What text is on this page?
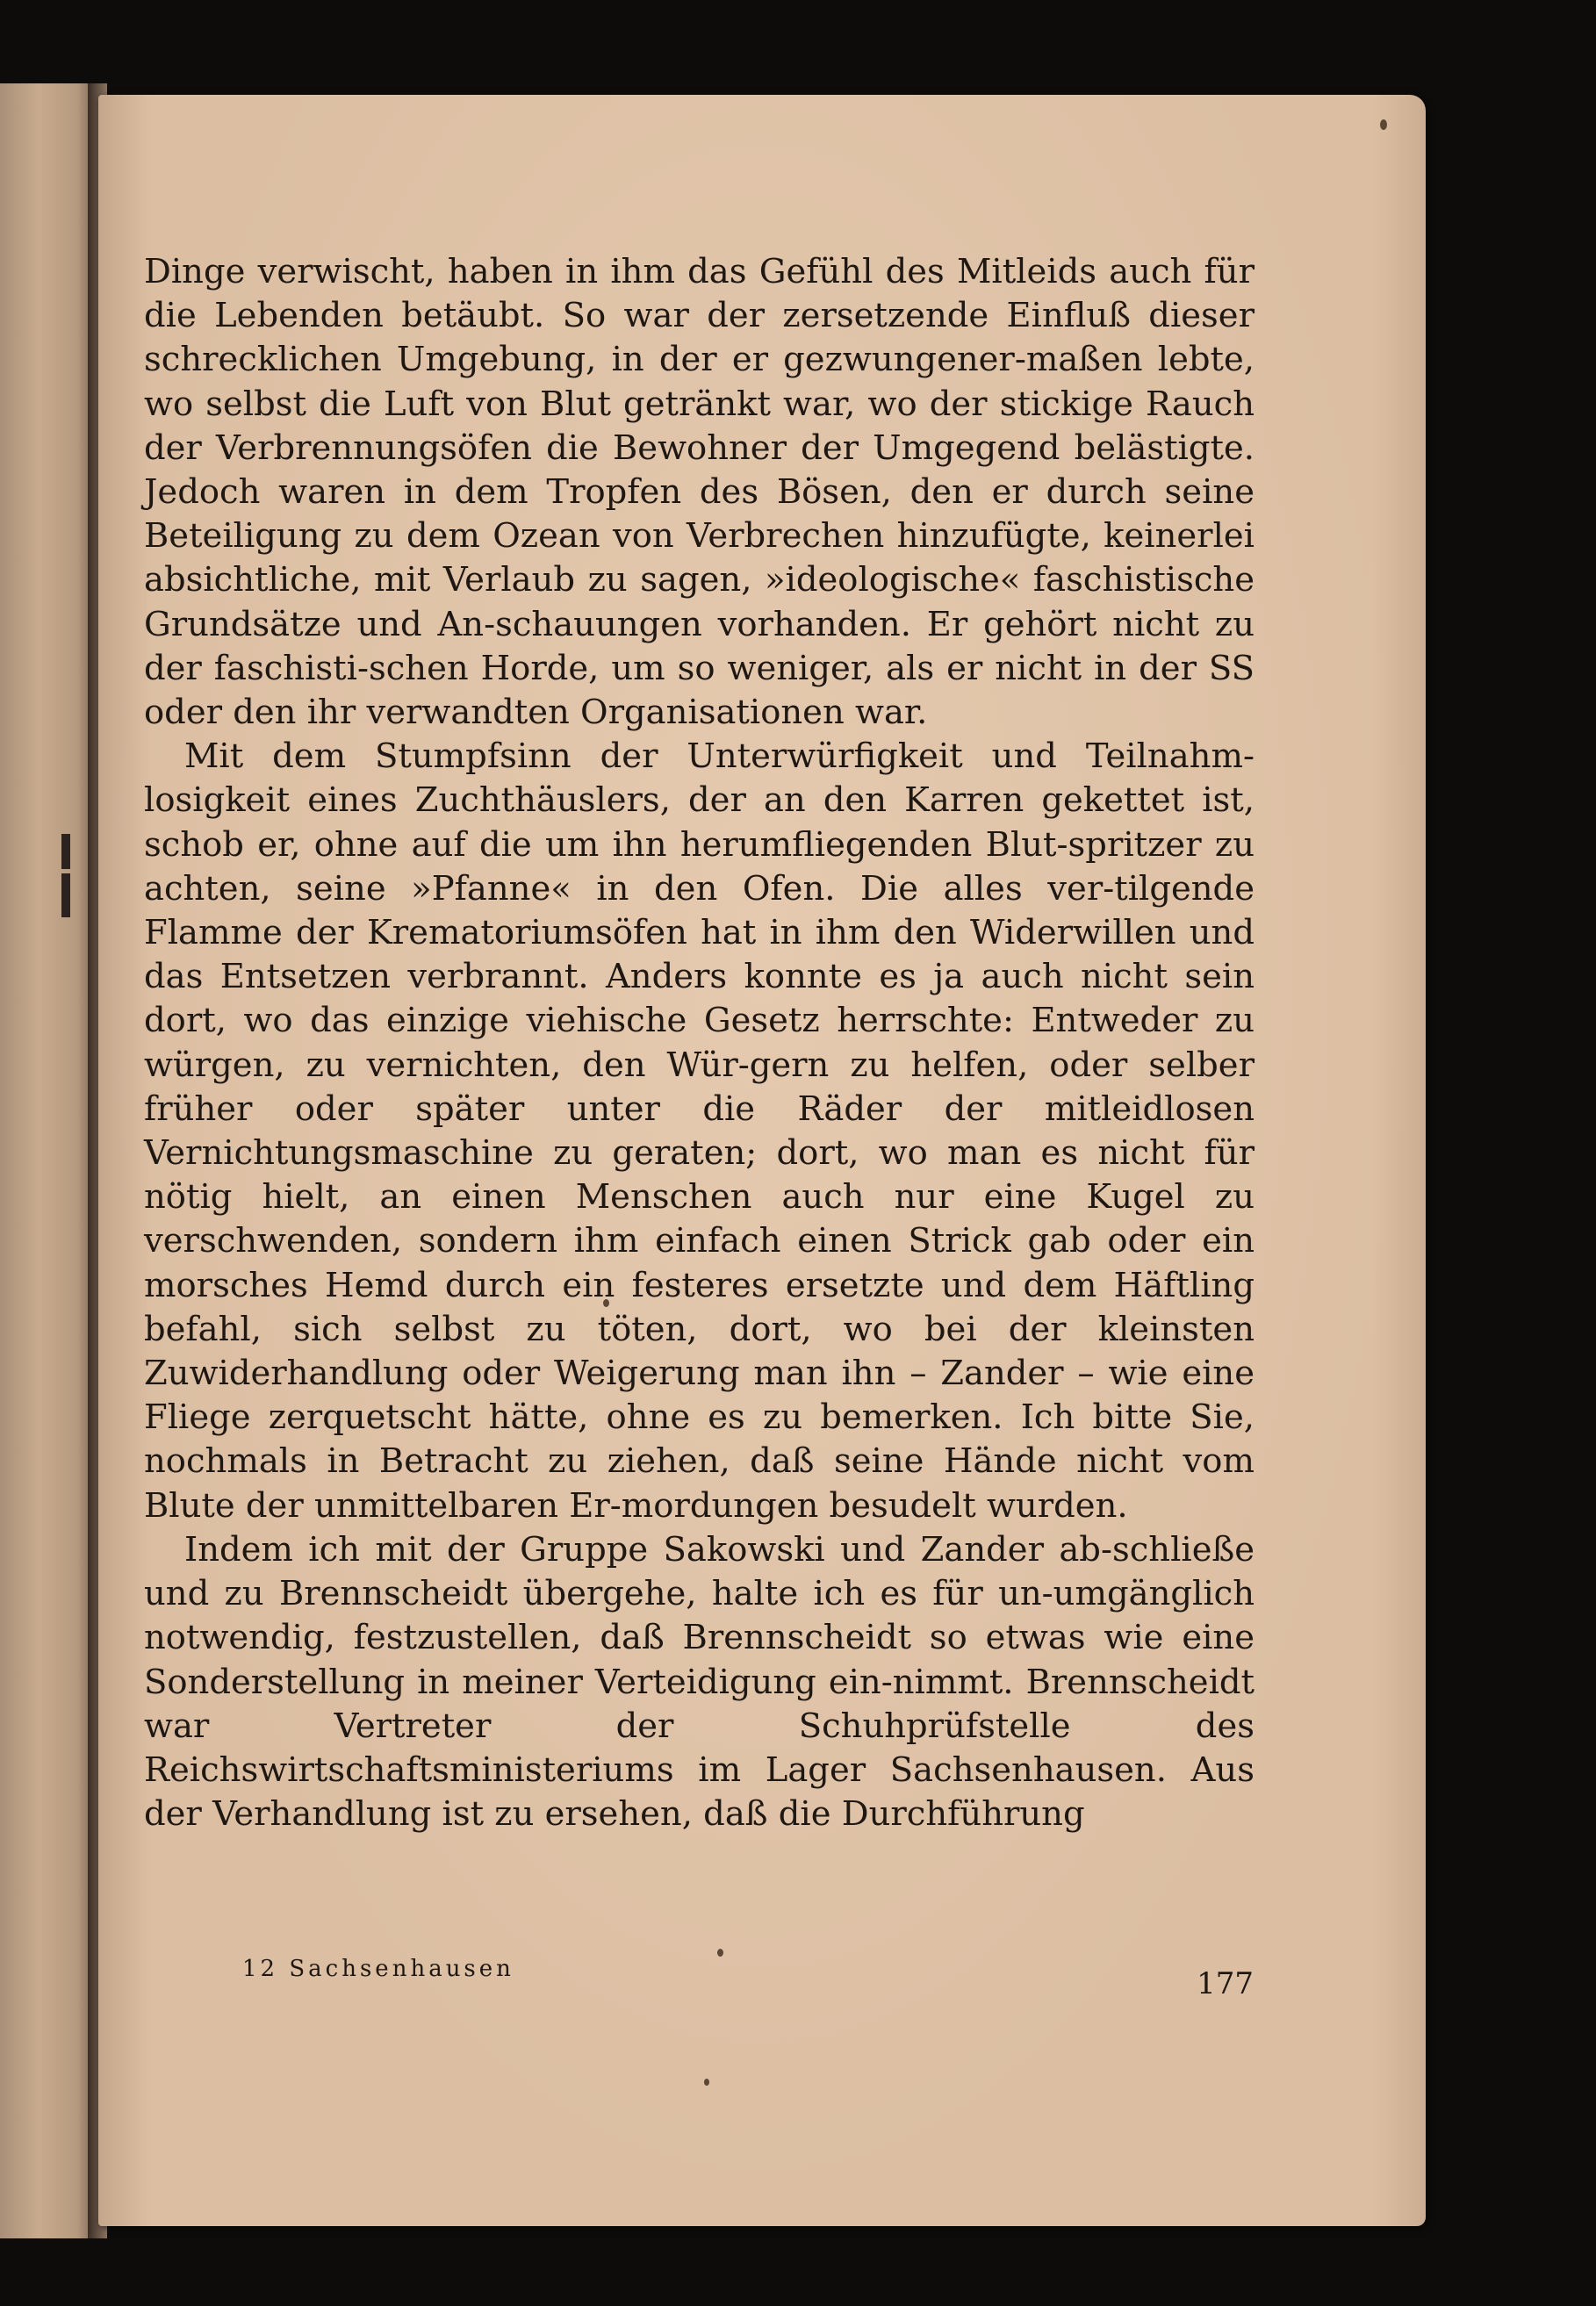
Dinge verwischt, haben in ihm das Gefühl des Mitleids auch für die Lebenden betäubt. So war der zersetzende Einfluß dieser schrecklichen Umgebung, in der er gezwungener-maßen lebte, wo selbst die Luft von Blut getränkt war, wo der stickige Rauch der Verbrennungsöfen die Bewohner der Umgegend belästigte. Jedoch waren in dem Tropfen des Bösen, den er durch seine Beteiligung zu dem Ozean von Verbrechen hinzufügte, keinerlei absichtliche, mit Verlaub zu sagen, »ideologische« faschistische Grundsätze und An-schauungen vorhanden. Er gehört nicht zu der faschisti-schen Horde, um so weniger, als er nicht in der SS oder den ihr verwandten Organisationen war.

Mit dem Stumpfsinn der Unterwürfigkeit und Teilnahm-losigkeit eines Zuchthäuslers, der an den Karren gekettet ist, schob er, ohne auf die um ihn herumfliegenden Blut-spritzer zu achten, seine »Pfanne« in den Ofen. Die alles ver-tilgende Flamme der Krematoriumsöfen hat in ihm den Widerwillen und das Entsetzen verbrannt. Anders konnte es ja auch nicht sein dort, wo das einzige viehische Gesetz herrschte: Entweder zu würgen, zu vernichten, den Wür-gern zu helfen, oder selber früher oder später unter die Räder der mitleidlosen Vernichtungsmaschine zu geraten; dort, wo man es nicht für nötig hielt, an einen Menschen auch nur eine Kugel zu verschwenden, sondern ihm einfach einen Strick gab oder ein morsches Hemd durch ein festeres ersetzte und dem Häftling befahl, sich selbst zu töten, dort, wo bei der kleinsten Zuwiderhandlung oder Weigerung man ihn – Zander – wie eine Fliege zerquetscht hätte, ohne es zu bemerken. Ich bitte Sie, nochmals in Betracht zu ziehen, daß seine Hände nicht vom Blute der unmittelbaren Er-mordungen besudelt wurden.

Indem ich mit der Gruppe Sakowski und Zander ab-schließe und zu Brennscheidt übergehe, halte ich es für un-umgänglich notwendig, festzustellen, daß Brennscheidt so etwas wie eine Sonderstellung in meiner Verteidigung ein-nimmt. Brennscheidt war Vertreter der Schuhprüfstelle des Reichswirtschaftsministeriums im Lager Sachsenhausen. Aus der Verhandlung ist zu ersehen, daß die Durchführung

12 Sachsenhausen	177
